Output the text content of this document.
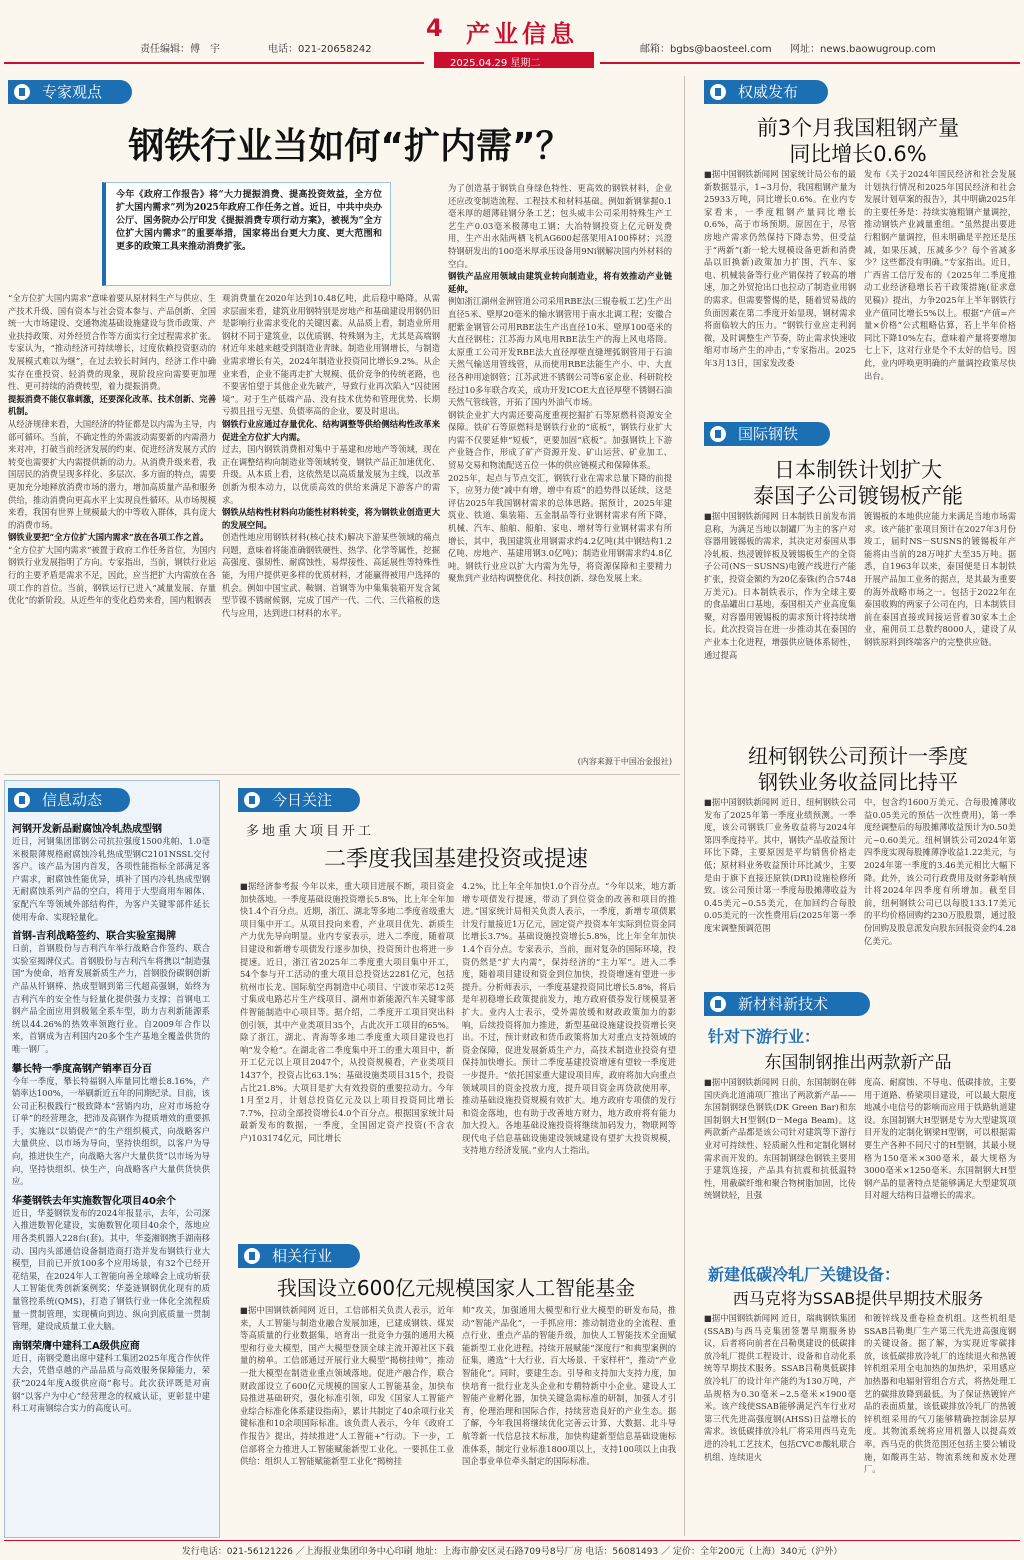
责任编辑：傅　宇	电话：021-20658242
4 产业信息
2025.04.29 星期二
邮箱：bgbs@baosteel.com 网址：news.baowugroup.com
专家观点
钢铁行业当如何“扩内需”？
今年《政府工作报告》将“大力提振消费、提高投资效益，全方位扩大国内需求”列为2025年政府工作任务之首。近日，中共中央办公厅、国务院办公厅印发《提振消费专项行动方案》，被视为“全方位扩大国内需求”的重要举措，国家将出台更大力度、更大范围和更多的政策工具来推动消费扩张。
“全方位扩大国内需求”意味着要从原材料生产与供应、生产技术升级、国有资本与社会资本参与、产品创新、全国统一大市场建设、交通物流基础设施建设与货币政策、产业扶持政策、对外经贸合作等方面实行全过程需求扩张。专家认为，“推动经济可持续增长，过度依赖投资驱动的发展模式难以为继”，在过去较长时间内，经济工作中确实存在重投资、轻消费的现象，现阶段应向需要更加理性、更可持续的消费转型，着力提振消费。
提振消费不能仅靠刺激，还要深化改革、技术创新、完善机制。
从经济规律来看，大国经济的特征都是以内需为主导，内部可循环。当前，不确定性的外需波动需要新的内需潜力来对冲，打破当前经济发展的约束、促进经济发展方式的转变也需要扩大内需提供新的动力。从消费升级来看，我国居民的消费呈现多样化、多层次、多方面的特点，需要更加充分地释放消费市场的潜力，增加高质量产品和服务供给，推动消费向更高水平上实现良性循环。从市场规模来看，我国有世界上规模最大的中等收入群体，具有庞大的消费市场。
钢铁业要把“全方位扩大国内需求”放在各项工作之首。
“全方位扩大国内需求”被置于政府工作任务首位，为国内钢铁行业发展指明了方向。专家指出，当前，钢铁行业运行的主要矛盾是需求不足，因此，应当把扩大内需放在各项工作的首位。当前，钢铁运行已进入“减量发展、存量优化”的新阶段。从近些年的变化趋势来看，国内粗钢表
观消费量在2020年达到10.48亿吨，此后稳中略降。从需求层面来看，建筑业用钢特别是房地产和基础建设用钢仍旧是影响行业需求变化的关键因素。从品质上看，制造业所用钢材不同于建筑业，以优质钢、特殊钢为主，尤其是高端钢材近年来越来越受到制造业青睐。制造业用钢增长，与制造业需求增长有关，2024年制造业投资同比增长9.2%。从企业来看，企业不能再走扩大规模、低价竞争的传统老路，也不要害怕望于其他企业先破产，导致行业再次陷入“囚徒困境”。对于生产低端产品、没有技术优势和管理优势、长期亏损且扭亏无望、负债率高的企业，要及时退出。
钢铁行业应通过存量优化、结构调整等供给侧结构性改革来促进全方位扩大内需。
过去，国内钢铁消费相对集中于基建和房地产等领域，现在正在调整结构向制造业等领域转变，钢铁产品正加速优化、升级。从本质上看，这依然是以高质量发展为主线，以改革创新为根本动力，以优质高效的供给来满足下游客户的需求。
钢铁从结构性材料向功能性材料转变，将为钢铁业创造更大的发展空间。
创造性地应用钢铁材料(核心技术)解决下游某些领域的痛点问题，意味着将能准确钢铁硬性、热学、化学等属性，挖掘高强度、强韧性、耐腐蚀性、易焊接性、高延展性等特殊性能，为用户提供更多样的优质材料，才能赢得被用户选择的机会。例如中国宝武、鞍钢、首钢等为中集集装箱开发含氮型节镍不锈耐候钢，完成了国产一代、二代、三代箱板的迭代与应用，达到进口材料的水平。
为了创造基于钢铁自身绿色特性、更高效的钢铁材料，企业还应改变制造流程、工程技术和材料基础。例如新钢掌握0.1毫米厚的超薄硅钢分条工艺；包头威丰公司采用特殊生产工艺生产0.03毫米极薄电工钢；大冶特钢投资上亿元研发费用，生产出水陆两栖飞机AG600起落架用A100棒材；兴澄特钢研发出的100毫米厚承压设备用9Ni钢解决国内外材料的空白。
钢铁产品应用领域由建筑业转向制造业，将有效推动产业链延伸。
例如浙江湖州金洲管道公司采用RBE法(三辊卷板工艺)生产出直径5米、壁厚20毫米的输水钢管用于南水北调工程；安徽合肥紫金钢管公司用RBE法生产出直径10米、壁厚100毫米的大直径钢柱；江苏海力风电用RBE法生产的海上风电塔筒。太原重工公司开发RBE法大直径厚壁直缝埋弧钢管用于石油天然气输送用管线管，从而使用RBE法能生产小、中、大直径各种用途钢管；江苏武进不锈钢公司等6家企业、科研院校经过10多年联合攻关，成功开发ICOE大直径厚壁不锈钢石油天然气管线管，开拓了国内外油气市场。
钢铁企业扩大内需还要高度重视挖掘扩石等原燃料资源安全保障。铁矿石等原燃料是钢铁行业的“底板”，钢铁行业扩大内需不仅要延伸“短板”，更要加固“底板”。加强钢铁上下游产业链合作，形成了矿产资源开发、矿山运营、矿业加工、贸易交易和物流配送五位一体的供应链模式和保障体系。
2025年，起点与节点交汇，钢铁行业在需求总量下降的前提下，应努力使“减中有增，增中有质”的趋势得以延续，这是评估2025年我国钢材需求的总体思路。据预计，2025年建筑业、铁道、集装箱、五金制品等行业钢材需求有所下降，机械、汽车、舶舶、船舶、家电、增材等行业钢材需求有所增长，其中，我国建筑业用钢需求约4.2亿吨(其中钢结构1.2亿吨、房地产、基建用钢3.0亿吨)；制造业用钢需求约4.8亿吨。钢铁行业应以扩大内需为先导，将资源保障和主要精力聚焦到产业结构调整优化、科技创新、绿色发展上来。
(内容来源于中国冶金报社)
权威发布
前3个月我国粗钢产量
同比增长0.6%
■据中国钢铁新闻网 国家统计局公布的最新数据显示，1~3月份，我国粗钢产量为25933万吨，同比增长0.6%。在业内专家看来，一季度粗钢产量同比增长0.6%，高于市场预期。原因在于，尽管房地产需求仍然保持下降态势，但受益于“两新”(新一轮大规模设备更新和消费品以旧换新)政策加力扩围，汽车、家电、机械装备等行业产销保持了较高的增速，加之外贸抢出口也拉动了制造业用钢的需求。但需要警惕的是，随着贸易战的负面因素在第二季度开始显现，钢材需求将面临较大的压力。“钢铁行业应走利润微，及时调整生产节奏，防止需求快速收缩对市场产生的冲击，”专家指出。2025年3月13日，国家发改委
发布《关于2024年国民经济和社会发展计划执行情况和2025年国民经济和社会发展计划草案的报告》，其中明确2025年的主要任务是：持续实施粗钢产量调控，推动钢铁产业减量重组。“虽然提出要进行粗钢产量调控，但未明确是平控还是压减，如果压减，压减多少？每个省减多少？这些都没有明确。”专家指出。近日，广西省工信厅发布的《2025年二季度推动工业经济稳增长若干政策措施(征求意见稿)》提出，力争2025年上半年钢铁行业产值同比增长5%以上。根据“产值=产量×价格”公式粗略估算，若上半年价格同比下降10%左右，意味着产量将要增加七上下，这对行业是个不太好的信号。因此，业内呼唤更明确的产量调控政策尽快出台。
国际钢铁
日本制铁计划扩大
泰国子公司镀锡板产能
■据中国钢铁新闻网 日本制铁日前发布消息称，为满足当地以制罐厂为主的客户对容器用镀锡板的需求，其决定对泰国从事冷轧板、热浸镀锌板及镀锡板生产的全资子公司(NS－SUSNS)电镀产线进行产能扩张，投资金额约为20亿泰铢(约合5748万美元)。日本制铁表示，作为全球主要的食品罐出口基地，泰国相关产业高度集聚，对容器用镀锡板的需求预计将持续增长。此次投资旨在进一步推动其在泰国的产业本土化进程，增强供应链体系韧性，通过提高
镀锡板的本地供应能力来满足当地市场需求。该产能扩张项目预计在2027年3月份竣工，届时NS－SUSNS的镀锡板年产能将由当前的28万吨扩大至35万吨。据悉，自1963年以来，泰国便是日本制铁开展产品加工业务的据点，是其最为重要的海外战略市场之一。包括于2022年在泰国收购的两家子公司在内，日本制铁目前在泰国直接或间接运营着30家本土企业，雇佣员工总数约8000人，建设了从钢铁原料到终端客户的完整供应链。
纽柯钢铁公司预计一季度
钢铁业务收益同比持平
■据中国钢铁新闻网 近日，纽柯钢铁公司发布了2025年第一季度业绩预测。一季度，该公司钢铁厂业务收益将与2024年第四季度持平。其中，钢铁产品收益预计环比下降，主要原因是平均销售价格走低；原材料业务收益预计环比减少，主要是由于旗下直接还原铁(DRI)设施检修所致。该公司预计第一季度每股摊薄收益为0.45美元~0.55美元，在加回约合每股0.05美元的一次性费用后(2025年第一季度宋调整预调范围
中，包含约1600万美元、合每股摊薄收益0.05美元的预估一次性费用)，第一季度经调整后的每股摊薄收益预计为0.50美元~0.60美元。纽柯钢铁公司2024年第四季度实现每股摊薄净收益1.22美元，与2024年第一季度的3.46美元相比大幅下降。此外，该公司行政费用及财务影响预计将2024年四季度有所增加。截至目前，纽柯钢铁公司已以每股133.17美元的平均价格回购约230万股股票，通过股份回购及股息派发向股东回报资金约4.28亿美元。
新材料新技术
针对下游行业：
东国制钢推出两款新产品
■据中国钢铁新闻网 日前，东国制钢在韩国庆尚北道浦项厂推出了两款新产品——东国制钢绿色钢铁(DK Green Bar)和东国制钢大H型钢(D－Mega Beam)。这两款新产品都是该公司针对建筑等下游行业对可持续性、轻质耐久性和定制化钢材需求而开发的。东国制钢绿色钢铁主要用于建筑连接，产品具有抗震和抗低温特性，用截碳纤维和聚合物树脂加固，比传统钢铁轻，且强
度高、耐腐蚀、不导电、低碳排放，主要用于道路、桥梁项目建设，可以最大限度地减小电信号的影响而应用于铁路轨道建设。东国制钢大H型钢是专为大型建筑项目开发的定制化钢梁H型钢，可以根据需要生产各种不同尺寸的H型钢，其最小规格为150毫米×300毫米，最大规格为3000毫米×1250毫米。东国制钢大H型钢产品的显著特点是能够满足大型建筑项目对超大结构日益增长的需求。
新建低碳冷轧厂关键设备：
西马克将为SSAB提供早期技术服务
■据中国钢铁新闻网 近日，瑞典钢铁集团(SSAB)与西马克集团签署早期服务协议，后者将向前者在吕勒奥建设的低碳排放冷轧厂提供工程设计、设备和自动化系统等早期技术服务。SSAB吕勒奥低碳排放冷轧厂的设计年产能约为130万吨，产品规格为0.30毫米~2.5毫米×1900毫米。该产线使SSAB能够满足汽车行业对第三代先进高强度钢(AHSS)日益增长的需求。该低碳排放冷轧厂将采用西马克先进的冷轧工艺技术，包括CVC®酸轧联合机组、连续退火
和镀锌线及重卷检查机组。这些机组是SSAB吕勒奥厂生产第三代先进高强度钢的关键设备。据了解，为实现近零碳排放，该低碳排放冷轧厂的连续退火和热镀锌机组采用全电加热的加热炉，采用感应加热器和电辐射管组合方式，将热处理工艺的碳排放降到最低。为了保证热镀锌产品的表面质量，该低碳排放冷轧厂的热镀锌机组采用的气刀能够精确控制涂层厚度。其物流系统将应用机器人以提高效率。西马克的供货范围还包括主要公辅设施，如酸再生站、物流系统和废水处理厂。
信息动态
河钢开发新品耐腐蚀冷轧热成型钢
近日，河钢集团邯钢公司抗拉强度1500兆帕、1.0毫米极限薄规格耐腐蚀冷轧热成型钢C2101NSSL交付客户。该产品为国内首发，各项性能指标全部满足客户需求，耐腐蚀性能优异，填补了国内冷轧热成型钢无耐腐蚀系列产品的空白，将用于大型商用车厢体、家配汽车等领域外部结构件，为客户关键零部件延长使用寿命、实现轻量化。
首钢-吉利战略签约、联合实验室揭牌
日前，首钢股份与吉利汽车举行战略合作签约、联合实验室揭牌仪式。首钢股份与吉利汽车将携以“制造强国”为使命，培育发展新质生产力，首钢股份碳钢创新产品从钎钢棒、热成型钢到第三代超高强钢，始终为吉利汽车的安全性与轻量化提供强力支撑；首钢电工钢产品全面应用到极氪全系车型，助力吉利新能源系统以44.26%的热效率领跑行业。自2009年合作以来，首钢成为吉利国内20多个生产基地全覆盖供货的唯一钢厂。
攀长特一季度高钢产销率百分百
今年一季度，攀长特福钢入库量同比增长8.16%，产销率达100%，一举刷新近五年的同期纪录。目前，该公司正积极践行“极致降本”营销内功，应对市场抢夺订单”的经营理念，把沛及高钢作为提质增效的重要抓手，实施以“以销促产”的生产组织模式，向战略客户大量供应、以市场为导向，坚持快组织，以客户为导向，推进快生产，向战略大客户大量供货“以市场为导向，坚持快组织、快生产，向战略客户大量供货快供应。
华菱钢铁去年实施数智化项目40余个
近日，华菱钢铁发布的2024年报显示，去年，公司深入推进数智化建设，实施数智化项目40余个，落地应用各类机器人228台(套)。其中，华菱湘钢携手湖南移动、国内头部通信设备制造商打造并发布钢铁行业大模型，目前已开放100多个应用场景，有32个已经开花结果，在2024年人工智能向善全球峰会上成功斩获人工智能优秀创新案例奖；华菱涟钢钢优化现有的质量管控系统(QMS)，打造了钢铁行业一体化全流程质量一贯制管理，实现横向到边、纵向到底质量一贯制管理，建设成质量工业大脑。
南钢荣膺中建科工A级供应商
近日，南钢受邀出席中建科工集团2025年度合作伙伴大会，凭借卓越的产品品质与高效服务保障能力，荣获“2024年度A级供应商”称号。此次获评既是对南钢“以客户为中心”经营理念的权威认证，更彰显中建科工对南钢综合实力的高度认可。
今日关注
多地重大项目开工
二季度我国基建投资或提速
■据经济参考报 今年以来，重大项目进展不断，项目资金加快落地。一季度基础设施投资增长5.8%，比上年全年加快1.4个百分点。近期，浙江、湖北等多地二季度省级重大项目集中开工。从项目投向来看，产业项目优先、新质生产力优先导向明显。业内专家表示，进入二季度，随着项目建设和新增专项债发行逐步加快，投资预计也将进一步提速。近日，浙江省2025年二季度重大项目集中开工，54个参与开工活动的重大项目总投资达2281亿元，包括杭州市长龙、国际航空再制造中心项目、宁波市荣芯12英寸集成电路芯片生产线项目、湖州市新能源汽车关键零部件智能制造中心项目等。据介绍，二季度开工项目突出科创引领，其中产业类项目35个，占此次开工项目的65%。除了浙江，湖北、青海等多地二季度重大项目建设也打响“发令枪”。在湖北省二季度集中开工的重大项目中，新开工亿元以上项目2047个，从投资规模看，产业类项目1437个，投资占比63.1%；基础设施类项目315个，投资占比21.8%。大项目是扩大有效投资的重要拉动力。今年1月至2月，计划总投资亿元及以上项目投资同比增长7.7%，拉动全部投资增长4.0个百分点。根据国家统计局最新发布的数据，一季度，全国固定资产投资(不含农户)103174亿元，同比增长
4.2%，比上年全年加快1.0个百分点。“今年以来，地方新增专项债发行提速，带动了到位资金的改善和项目的推进。”国家统计局相关负责人表示，一季度，新增专项债累计发行量接近1万亿元，固定资产投资本年实际到位资金同比增长3.7%。基础设施投资增长5.8%，比上年全年加快1.4个百分点。专家表示，当前，面对复杂的国际环境，投资仍然是“扩大内需”，保持经济的“主力军”。进入二季度，随着项目建设和资金到位加快，投资增速有望进一步提升。分析师表示，一季度基建投资同比增长5.8%，将后是年初稳增长政策提前发力，地方政府债券发行规模显著扩大。业内人士表示，受外需放缓和财政政策加力的影响，后续投资将加力推进，新型基础设施建设投资增长突出。不过，预计财政和货币政策将加大对重点支持领域的资金保障，促进发展新质生产力，高技术制造业投资有望保持加快增长。预计二季度基建投资增速有望较一季度进一步提升。“依托国家重大建设项目库，政府将加大向重点领域项目的资金投放力度，提升项目资金再贷款使用率，推动基础设施投资规模有效扩大。地方政府专项债的发行和资金落地，也有助于改善地方财力，地方政府将有能力加大投入。各地基础设施投资将继续加码发力，物联网等现代电子信息基础设施建设领域建设有望扩大投资规模，支持地方经济发展。”业内人士指出。
相关行业
我国设立600亿元规模国家人工智能基金
■据中国钢铁新闻网 近日，工信部相关负责人表示，近年来，人工智能与制造业融合发展加速，已建成钢铁、煤炭等高质量的行业数据集，培育出一批竞争力强的通用大模型和行业大模型，国产大模型登顶全球主流开源社区下载量的榜单。工信部通过开展行业大模型“揭榜挂帅”，推动一批大模型在制造业重点领域落地。促进产融合作，联合财政部设立了600亿元规模的国家人工智能基金，加快布局推进基础研究，强化标准引领，印发《国家人工智能产业综合标准化体系建设指南》，累计共制定了40余项行业关键标准和10余项国际标准。该负责人表示，今年《政府工作报告》提出，持续推进“人工智能+”行动。下一步，工信部将全力推进人工智能赋能新型工业化。一要抓住工业供给：组织人工智能赋能新型工业化“揭榜挂
帅”攻关，加强通用大模型和行业大模型的研发布局，推动“智能产品化”，一手抓应用：推动制造业的全流程、重点行业、重点产品的智能升级，加快人工智能技术全面赋能新型工业化进程。持续开展赋能“深度行”和典型案例的征集，遴选“十大行业、百大场景、千家样杆”，推动“产业智能化”。同时，要建生态。引导和支持加大支持力度，加快培育一批行业龙头企业和专精特新中小企业。建设人工智能产业孵化器，加快关键急需标准的研制，加强人才引育，伦理治理和国际合作，持续营造良好的产业生态。据了解，今年我国将继续优化完善云计算、大数据、北斗导航等新一代信息技术标准，加快构建新型信息基础设施标准体系，制定行业标准1800项以上，支持100项以上由我国企事业单位牵头制定的国际标准。
发行电话：021-56121226 ／上海报业集团印务中心印刷 地址：上海市静安区灵石路709号8号厂房 电话：56081493 ／ 定价：全年200元（上海）340元（沪外）
